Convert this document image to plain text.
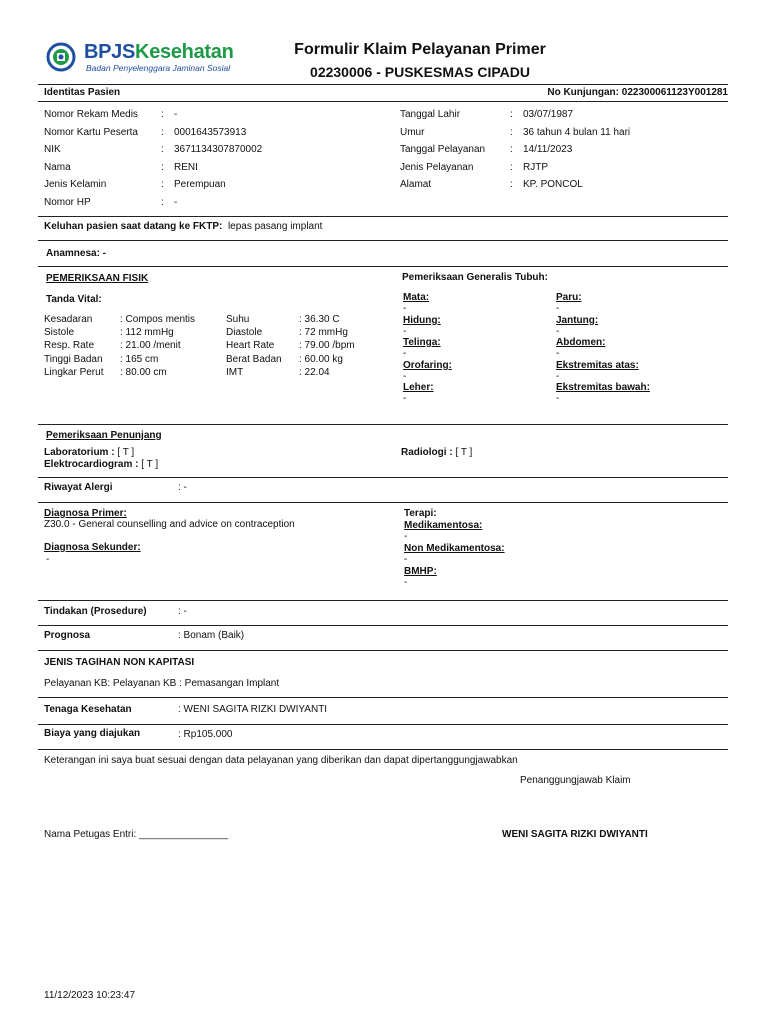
BPJSKesehatan
Badan Penyelenggara Jaminan Sosial
Formulir Klaim Pelayanan Primer
02230006 - PUSKESMAS CIPADU
Identitas Pasien	No Kunjungan: 022300061123Y001281
Nomor Rekam Medis : -
Nomor Kartu Peserta : 0001643573913
NIK	: 3671134307870002
Nama	: RENI
Jenis Kelamin	: Perempuan
Nomor HP	: -
Tanggal Lahir	: 03/07/1987
Umur	: 36 tahun 4 bulan 11 hari
Tanggal Pelayanan : 14/11/2023
Jenis Pelayanan	: RJTP
Alamat	: KP. PONCOL
Keluhan pasien saat datang ke FKTP: lepas pasang implant
Anamnesa: -
PEMERIKSAAN FISIK
Tanda Vital:
Kesadaran	: Compos mentis
Sistole	: 112 mmHg
Resp. Rate	: 21.00 /menit
Tinggi Badan : 165 cm
Lingkar Perut : 80.00 cm
Suhu	: 36.30 C
Diastole	: 72 mmHg
Heart Rate : 79.00 /bpm
Berat Badan : 60.00 kg
IMT	: 22.04
Pemeriksaan Generalis Tubuh:
Mata:
-
Hidung:
-
Telinga:
-
Orofaring:
-
Leher:
-
Paru:
-
Jantung:
-
Abdomen:
-
Ekstremitas atas:
-
Ekstremitas bawah:
-
Pemeriksaan Penunjang
Laboratorium : [ T ]
Elektrocardiogram : [ T ]
Radiologi : [ T ]
Riwayat Alergi	: -
Diagnosa Primer:
Z30.0 - General counselling and advice on contraception
Diagnosa Sekunder:
-
Terapi:
Medikamentosa:
-
Non Medikamentosa:
-
BMHP:
-
Tindakan (Prosedure)	: -
Prognosa	: Bonam (Baik)
JENIS TAGIHAN NON KAPITASI
Pelayanan KB: Pelayanan KB : Pemasangan Implant
Tenaga Kesehatan	: WENI SAGITA RIZKI DWIYANTI
Biaya yang diajukan	: Rp105.000
Keterangan ini saya buat sesuai dengan data pelayanan yang diberikan dan dapat dipertanggungjawabkan
Penanggungjawab Klaim
Nama Petugas Entri: ________________	WENI SAGITA RIZKI DWIYANTI
11/12/2023 10:23:47
